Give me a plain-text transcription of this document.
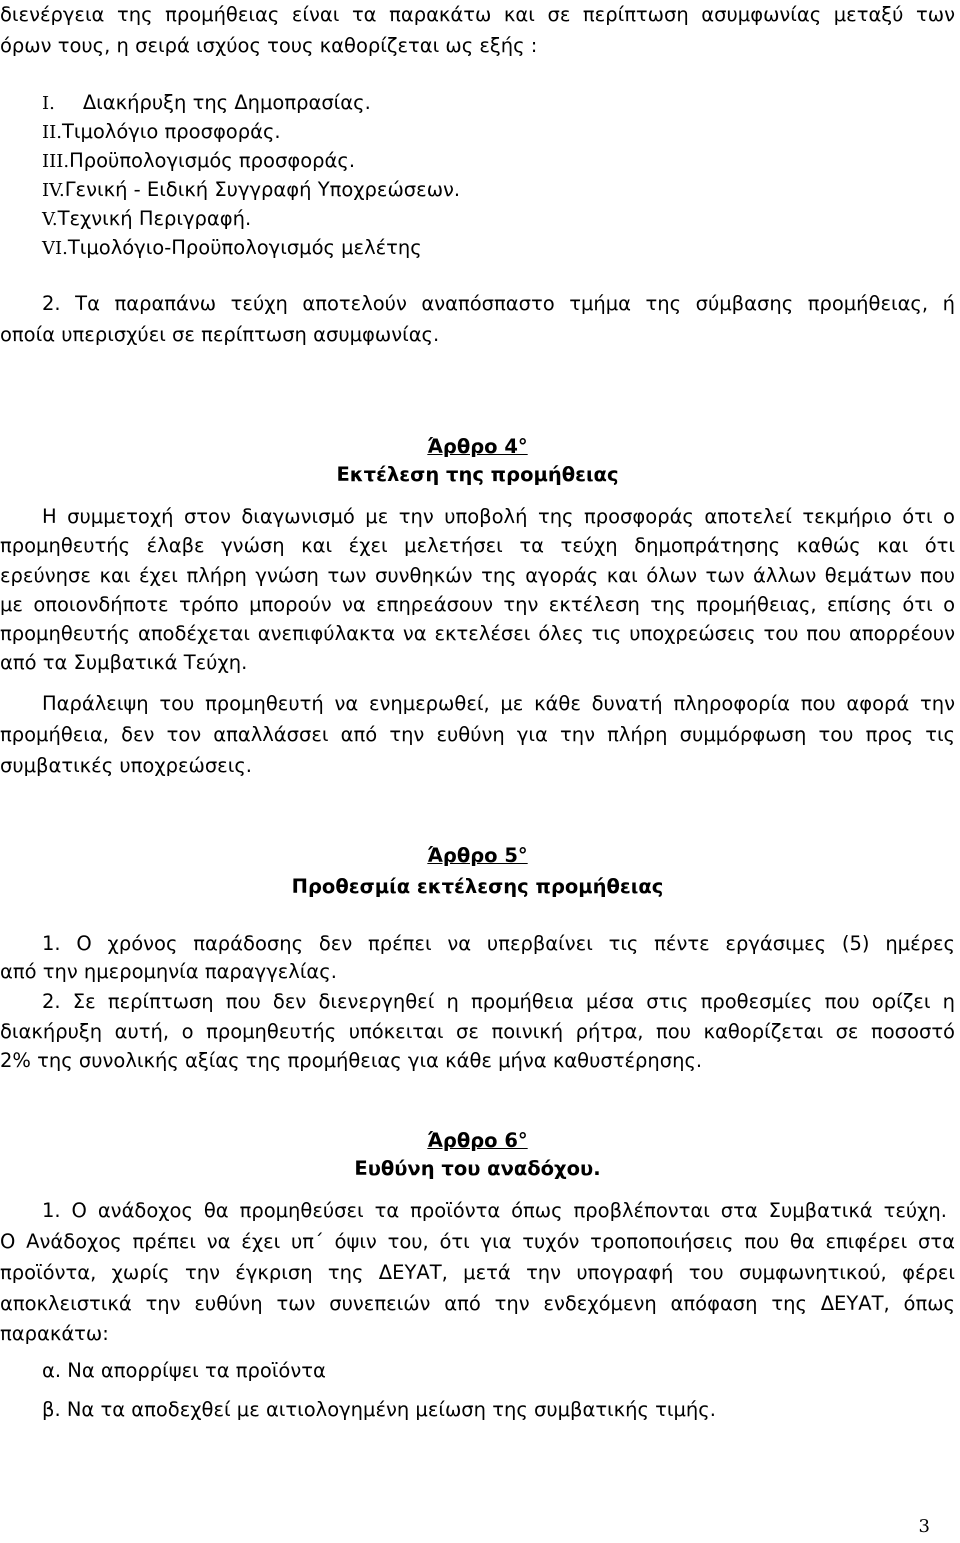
διενέργεια της προμήθειας είναι τα παρακάτω και σε περίπτωση ασυμφωνίας μεταξύ των
όρων τους, η σειρά ισχύος τους καθορίζεται ως εξής :
I. Διακήρυξη της Δημοπρασίας.
II.Τιμολόγιο προσφοράς.
III.Προϋπολογισμός προσφοράς.
IV.Γενική - Ειδική Συγγραφή Υποχρεώσεων.
V.Τεχνική Περιγραφή.
VI.Τιμολόγιο-Προϋπολογισμός μελέτης
2. Τα παραπάνω τεύχη αποτελούν αναπόσπαστο τμήμα της σύμβασης προμήθειας, ή
οποία υπερισχύει σε περίπτωση ασυμφωνίας.
Άρθρο 4°
Εκτέλεση της προμήθειας
Η συμμετοχή στον διαγωνισμό με την υποβολή της προσφοράς αποτελεί τεκμήριο ότι ο
προμηθευτής έλαβε γνώση και έχει μελετήσει τα τεύχη δημοπράτησης καθώς και ότι
ερεύνησε και έχει πλήρη γνώση των συνθηκών της αγοράς και όλων των άλλων θεμάτων που
με οποιονδήποτε τρόπο μπορούν να επηρεάσουν την εκτέλεση της προμήθειας, επίσης ότι ο
προμηθευτής αποδέχεται ανεπιφύλακτα να εκτελέσει όλες τις υποχρεώσεις του που απορρέουν
από τα Συμβατικά Τεύχη.
Παράλειψη του προμηθευτή να ενημερωθεί, με κάθε δυνατή πληροφορία που αφορά την
προμήθεια, δεν τον απαλλάσσει από την ευθύνη για την πλήρη συμμόρφωση του προς τις
συμβατικές υποχρεώσεις.
Άρθρο 5°
Προθεσμία εκτέλεσης προμήθειας
1. Ο χρόνος παράδοσης δεν πρέπει να υπερβαίνει τις πέντε εργάσιμες (5) ημέρες
από την ημερομηνία παραγγελίας.
2. Σε περίπτωση που δεν διενεργηθεί η προμήθεια μέσα στις προθεσμίες που ορίζει η
διακήρυξη αυτή, ο προμηθευτής υπόκειται σε ποινική ρήτρα, που καθορίζεται σε ποσοστό
2% της συνολικής αξίας της προμήθειας για κάθε μήνα καθυστέρησης.
Άρθρο 6°
Ευθύνη του αναδόχου.
1. Ο ανάδοχος θα προμηθεύσει τα προϊόντα όπως προβλέπονται στα Συμβατικά τεύχη.
Ο Ανάδοχος πρέπει να έχει υπ΄ όψιν του, ότι για τυχόν τροποποιήσεις που θα επιφέρει στα
προϊόντα, χωρίς την έγκριση της ΔΕΥΑΤ, μετά την υπογραφή του συμφωνητικού, φέρει
αποκλειστικά την ευθύνη των συνεπειών από την ενδεχόμενη απόφαση της ΔΕΥΑΤ, όπως
παρακάτω:
α. Να απορρίψει τα προϊόντα
β. Να τα αποδεχθεί με αιτιολογημένη μείωση της συμβατικής τιμής.
3
